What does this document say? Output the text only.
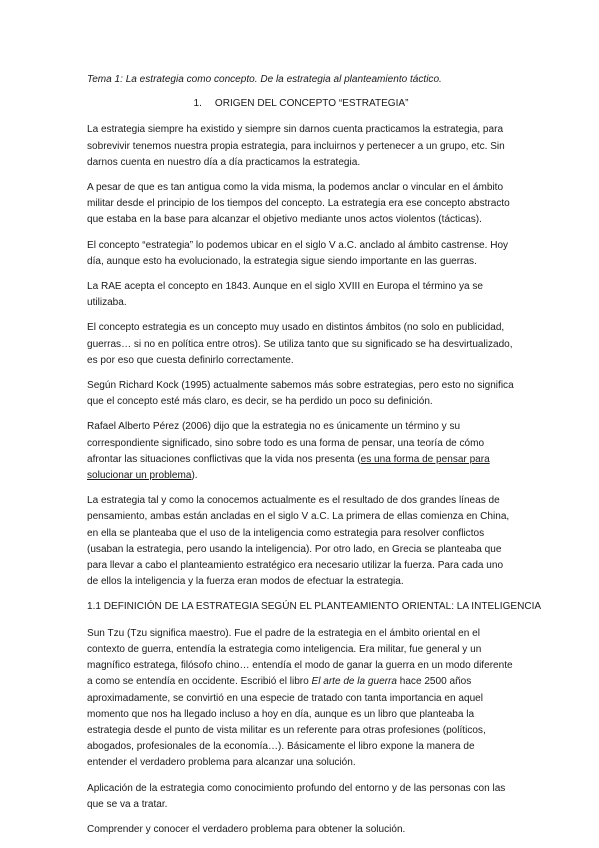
Tema 1: La estrategia como concepto. De la estrategia al planteamiento táctico.
1. ORIGEN DEL CONCEPTO “ESTRATEGIA”

La estrategia siempre ha existido y siempre sin darnos cuenta practicamos la estrategia, para sobrevivir tenemos nuestra propia estrategia, para incluirnos y pertenecer a un grupo, etc. Sin darnos cuenta en nuestro día a día practicamos la estrategia.

A pesar de que es tan antigua como la vida misma, la podemos anclar o vincular en el ámbito militar desde el principio de los tiempos del concepto. La estrategia era ese concepto abstracto que estaba en la base para alcanzar el objetivo mediante unos actos violentos (tácticas).

El concepto “estrategia” lo podemos ubicar en el siglo V a.C. anclado al ámbito castrense. Hoy día, aunque esto ha evolucionado, la estrategia sigue siendo importante en las guerras.

La RAE acepta el concepto en 1843. Aunque en el siglo XVIII en Europa el término ya se utilizaba.

El concepto estrategia es un concepto muy usado en distintos ámbitos (no solo en publicidad, guerras… si no en política entre otros). Se utiliza tanto que su significado se ha desvirtualizado, es por eso que cuesta definirlo correctamente.

Según Richard Kock (1995) actualmente sabemos más sobre estrategias, pero esto no significa que el concepto esté más claro, es decir, se ha perdido un poco su definición.

Rafael Alberto Pérez (2006) dijo que la estrategia no es únicamente un término y su correspondiente significado, sino sobre todo es una forma de pensar, una teoría de cómo afrontar las situaciones conflictivas que la vida nos presenta (es una forma de pensar para solucionar un problema).

La estrategia tal y como la conocemos actualmente es el resultado de dos grandes líneas de pensamiento, ambas están ancladas en el siglo V a.C. La primera de ellas comienza en China, en ella se planteaba que el uso de la inteligencia como estrategia para resolver conflictos (usaban la estrategia, pero usando la inteligencia). Por otro lado, en Grecia se planteaba que para llevar a cabo el planteamiento estratégico era necesario utilizar la fuerza. Para cada uno de ellos la inteligencia y la fuerza eran modos de efectuar la estrategia.

1.1 DEFINICIÓN DE LA ESTRATEGIA SEGÚN EL PLANTEAMIENTO ORIENTAL: LA INTELIGENCIA

Sun Tzu (Tzu significa maestro). Fue el padre de la estrategia en el ámbito oriental en el contexto de guerra, entendía la estrategia como inteligencia. Era militar, fue general y un magnífico estratega, filósofo chino… entendía el modo de ganar la guerra en un modo diferente a como se entendía en occidente. Escribió el libro El arte de la guerra hace 2500 años aproximadamente, se convirtió en una especie de tratado con tanta importancia en aquel momento que nos ha llegado incluso a hoy en día, aunque es un libro que planteaba la estrategia desde el punto de vista militar es un referente para otras profesiones (políticos, abogados, profesionales de la economía…). Básicamente el libro expone la manera de entender el verdadero problema para alcanzar una solución.

Aplicación de la estrategia como conocimiento profundo del entorno y de las personas con las que se va a tratar.

Comprender y conocer el verdadero problema para obtener la solución.
